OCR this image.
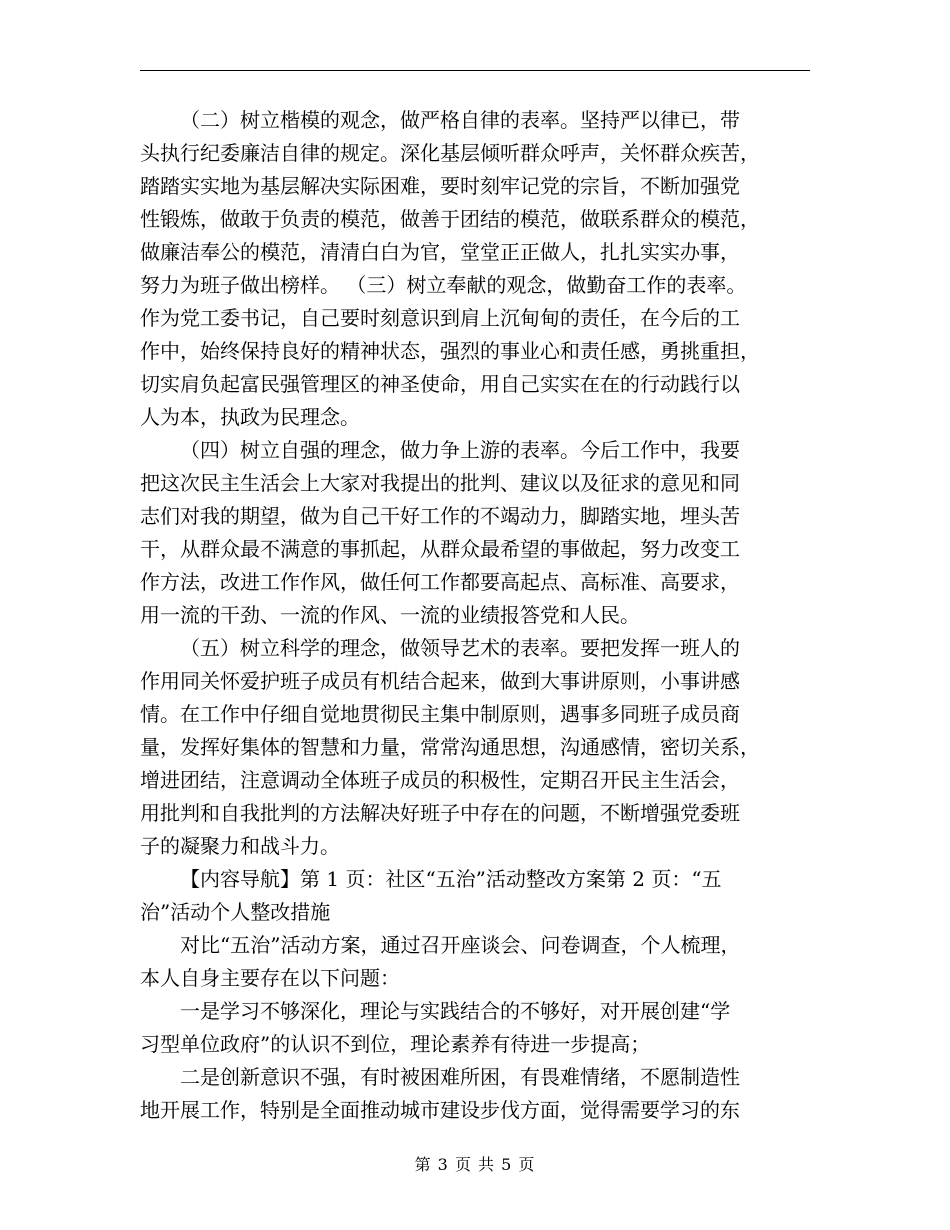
（二）树立楷模的观念，做严格自律的表率。坚持严以律已，带
头执行纪委廉洁自律的规定。深化基层倾听群众呼声，关怀群众疾苦，
踏踏实实地为基层解决实际困难，要时刻牢记党的宗旨，不断加强党
性锻炼，做敢于负责的模范，做善于团结的模范，做联系群众的模范，
做廉洁奉公的模范，清清白白为官，堂堂正正做人，扎扎实实办事，
努力为班子做出榜样。 （三）树立奉献的观念，做勤奋工作的表率。
作为党工委书记，自己要时刻意识到肩上沉甸甸的责任，在今后的工
作中，始终保持良好的精神状态，强烈的事业心和责任感，勇挑重担，
切实肩负起富民强管理区的神圣使命，用自己实实在在的行动践行以
人为本，执政为民理念。
（四）树立自强的理念，做力争上游的表率。今后工作中，我要
把这次民主生活会上大家对我提出的批判、建议以及征求的意见和同
志们对我的期望，做为自己干好工作的不竭动力，脚踏实地，埋头苦
干，从群众最不满意的事抓起，从群众最希望的事做起，努力改变工
作方法，改进工作作风，做任何工作都要高起点、高标准、高要求，
用一流的干劲、一流的作风、一流的业绩报答党和人民。
（五）树立科学的理念，做领导艺术的表率。要把发挥一班人的
作用同关怀爱护班子成员有机结合起来，做到大事讲原则，小事讲感
情。在工作中仔细自觉地贯彻民主集中制原则，遇事多同班子成员商
量，发挥好集体的智慧和力量，常常沟通思想，沟通感情，密切关系，
增进团结，注意调动全体班子成员的积极性，定期召开民主生活会，
用批判和自我批判的方法解决好班子中存在的问题，不断增强党委班
子的凝聚力和战斗力。
【内容导航】第 1 页：社区“五治”活动整改方案第 2 页：“五
治”活动个人整改措施
对比“五治”活动方案，通过召开座谈会、问卷调查，个人梳理，
本人自身主要存在以下问题：
一是学习不够深化，理论与实践结合的不够好，对开展创建“学
习型单位政府”的认识不到位，理论素养有待进一步提高；
二是创新意识不强，有时被困难所困，有畏难情绪，不愿制造性
地开展工作，特别是全面推动城市建设步伐方面，觉得需要学习的东
第 3 页 共 5 页
